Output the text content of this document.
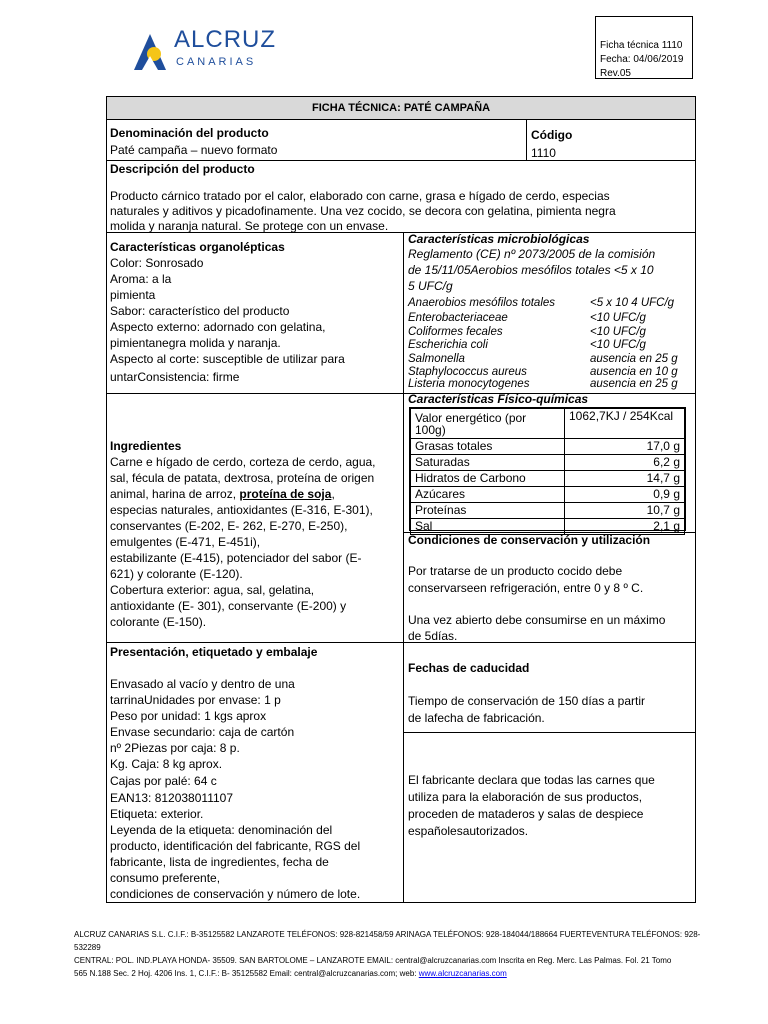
ALCRUZ
CANARIAS
Ficha técnica 1110
Fecha: 04/06/2019
Rev.05
FICHA TÉCNICA: PATÉ CAMPAÑA
Denominación del producto
Paté campaña – nuevo formato
Código
1110
Descripción del producto
Producto cárnico tratado por el calor, elaborado con carne, grasa e hígado de cerdo, especias
naturales y aditivos y picadofinamente. Una vez cocido, se decora con gelatina, pimienta negra
molida y naranja natural. Se protege con un envase.
Características organolépticas
Color: Sonrosado
Aroma: a la
pimienta
Sabor: característico del producto
Aspecto externo: adornado con gelatina,
pimientanegra molida y naranja.
Aspecto al corte: susceptible de utilizar para
untarConsistencia: firme
Características microbiológicas
Reglamento (CE) nº 2073/2005 de la comisión
de 15/11/05Aerobios mesófilos totales <5 x 10
5 UFC/g
Anaerobios mesófilos totales	<5 x 10 4 UFC/g
Enterobacteriaceae	<10 UFC/g
Coliformes fecales	<10 UFC/g
Escherichia coli	<10 UFC/g
Salmonella	ausencia en 25 g
Staphylococcus aureus	ausencia en 10 g
Listeria monocytogenes	ausencia en 25 g
Características Físico-químicas
Valor energético (por 100g)	1062,7KJ / 254Kcal
Grasas totales	17,0 g
Saturadas	6,2 g
Hidratos de Carbono	14,7 g
Azúcares	0,9 g
Proteínas	10,7 g
Sal	2,1 g
Ingredientes
Carne e hígado de cerdo, corteza de cerdo, agua,
sal, fécula de patata, dextrosa, proteína de origen
animal, harina de arroz, proteína de soja,
especias naturales, antioxidantes (E-316, E-301),
conservantes (E-202, E- 262, E-270, E-250),
emulgentes (E-471, E-451i),
estabilizante (E-415), potenciador del sabor (E-
621) y colorante (E-120).
Cobertura exterior: agua, sal, gelatina,
antioxidante (E- 301), conservante (E-200) y
colorante (E-150).
Condiciones de conservación y utilización
Por tratarse de un producto cocido debe
conservarseen refrigeración, entre 0 y 8 º C.
Una vez abierto debe consumirse en un máximo
de 5días.
Presentación, etiquetado y embalaje
Envasado al vacío y dentro de una
tarrinaUnidades por envase: 1 p
Peso por unidad: 1 kgs aprox
Envase secundario: caja de cartón
nº 2Piezas por caja: 8 p.
Kg. Caja: 8 kg aprox.
Cajas por palé: 64 c
EAN13: 812038011107
Etiqueta: exterior.
Leyenda de la etiqueta: denominación del
producto, identificación del fabricante, RGS del
fabricante, lista de ingredientes, fecha de
consumo preferente,
condiciones de conservación y número de lote.
Fechas de caducidad
Tiempo de conservación de 150 días a partir
de lafecha de fabricación.
El fabricante declara que todas las carnes que
utiliza para la elaboración de sus productos,
proceden de mataderos y salas de despiece
españolesautorizados.
ALCRUZ CANARIAS S.L. C.I.F.: B-35125582 LANZAROTE TELÉFONOS: 928-821458/59 ARINAGA TELÉFONOS: 928-184044/188664 FUERTEVENTURA TELÉFONOS: 928- 532289
CENTRAL: POL. IND.PLAYA HONDA- 35509. SAN BARTOLOME – LANZAROTE EMAIL: central@alcruzcanarias.com Inscrita en Reg. Merc. Las Palmas. Fol. 21 Tomo
565 N.188 Sec. 2 Hoj. 4206 Ins. 1, C.I.F.: B- 35125582 Email: central@alcruzcanarias.com; web: www.alcruzcanarias.com
